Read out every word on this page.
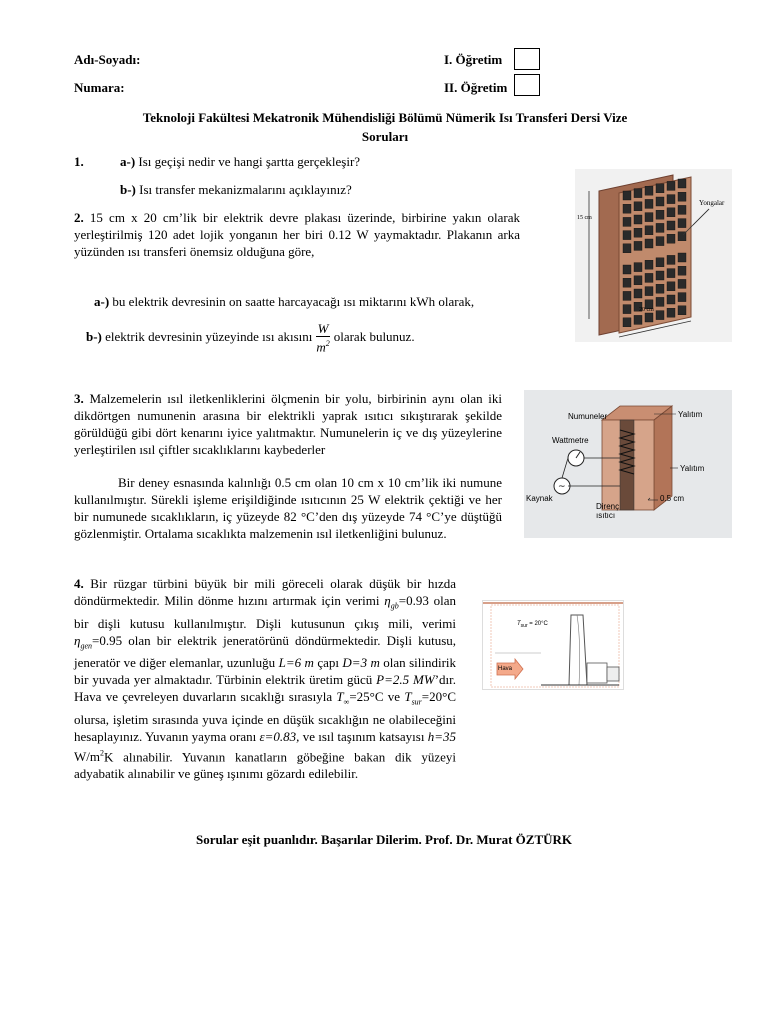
Adı-Soyadı:
Numara:
I. Öğretim
II. Öğretim
Teknoloji Fakültesi Mekatronik Mühendisliği Bölümü Nümerik Isı Transferi Dersi Vize
Soruları
1.	a-) Isı geçişi nedir ve hangi şartta gerçekleşir?
b-) Isı transfer mekanizmalarını açıklayınız?
2. 15 cm x 20 cm’lik bir elektrik devre plakası üzerinde, birbirine yakın olarak yerleştirilmiş 120 adet lojik yonganın her biri 0.12 W yaymaktadır. Plakanın arka yüzünden ısı transferi önemsiz olduğuna göre,
a-) bu elektrik devresinin on saatte harcayacağı ısı miktarını kWh olarak,
b-) elektrik devresinin yüzeyinde ısı akısını $\frac{W}{m^2}$ olarak bulunuz.
Yongalar
15 cm
20 cm
3. Malzemelerin ısıl iletkenliklerini ölçmenin bir yolu, birbirinin aynı olan iki dikdörtgen numunenin arasına bir elektrikli yaprak ısıtıcı sıkıştırarak şekilde görüldüğü gibi dört kenarını iyice yalıtmaktır. Numunelerin iç ve dış yüzeylerine yerleştirilen ısıl çiftler sıcaklıklarını kaybederler
Bir deney esnasında kalınlığı 0.5 cm olan 10 cm x 10 cm’lik iki numune kullanılmıştır. Sürekli işleme erişildiğinde ısıtıcının 25 W elektrik çektiği ve her bir numunede sıcaklıkların, iç yüzeyde 82 °C’den dış yüzeyde 74 °C’ye düştüğü gözlenmiştir. Ortalama sıcaklıkta malzemenin ısıl iletkenliğini bulunuz.
~
Numuneler	Yalıtım
Wattmetre
Yalıtım
Kaynak	0.5 cm
Direnç
ısıtıcı
4. Bir rüzgar türbini büyük bir mili göreceli olarak düşük bir hızda döndürmektedir. Milin dönme hızını artırmak için verimi $\eta_{gb}=0.93$ olan bir dişli kutusu kullanılmıştır. Dişli kutusunun çıkış mili, verimi $\eta_{gen}=0.95$ olan bir elektrik jeneratörünü döndürmektedir. Dişli kutusu, jeneratör ve diğer elemanlar, uzunluğu L=6 m çapı D=3 m olan silindirik bir yuvada yer almaktadır. Türbinin elektrik üretim gücü P=2.5 MW’dır. Hava ve çevreleyen duvarların sıcaklığı sırasıyla $T_\infty=25^\circ C$ ve $T_{sur}=20^\circ C$ olursa, işletim sırasında yuva içinde en düşük sıcaklığın ne olabileceğini hesaplayınız. Yuvanın yayma oranı ε=0.83, ve ısıl taşınım katsayısı h=35 $W/m^2K$ alınabilir. Yuvanın kanatların göbeğine bakan dik yüzeyi adyabatik alınabilir ve güneş ışınımı gözardı edilebilir.
$T_{sur} = 20^\circ C$
Hava
Sorular eşit puanlıdır. Başarılar Dilerim. Prof. Dr. Murat ÖZTÜRK
